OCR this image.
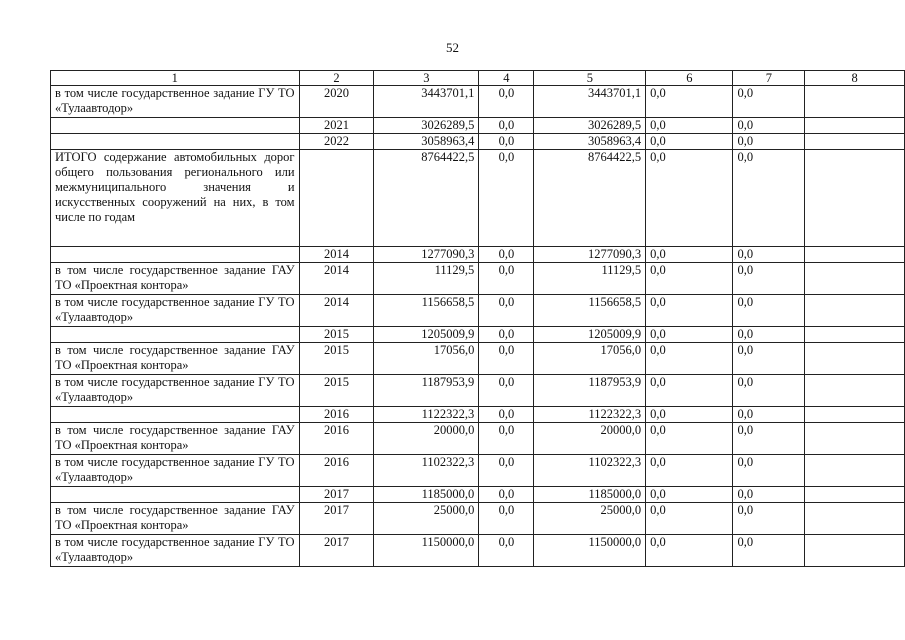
52
1	2	3	4	5	6	7	8
в том числе государственное задание ГУ ТО «Тулаавтодор»	2020	3443701,1	0,0	3443701,1	0,0	0,0	
	2021	3026289,5	0,0	3026289,5	0,0	0,0	
	2022	3058963,4	0,0	3058963,4	0,0	0,0	
ИТОГО содержание автомобильных дорог общего пользования регионального или межмуниципального значения и искусственных сооружений на них, в том числе по годам		8764422,5	0,0	8764422,5	0,0	0,0	
	2014	1277090,3	0,0	1277090,3	0,0	0,0	
в том числе государственное задание ГАУ ТО «Проектная контора»	2014	11129,5	0,0	11129,5	0,0	0,0	
в том числе государственное задание ГУ ТО «Тулаавтодор»	2014	1156658,5	0,0	1156658,5	0,0	0,0	
	2015	1205009,9	0,0	1205009,9	0,0	0,0	
в том числе государственное задание ГАУ ТО «Проектная контора»	2015	17056,0	0,0	17056,0	0,0	0,0	
в том числе государственное задание ГУ ТО «Тулаавтодор»	2015	1187953,9	0,0	1187953,9	0,0	0,0	
	2016	1122322,3	0,0	1122322,3	0,0	0,0	
в том числе государственное задание ГАУ ТО «Проектная контора»	2016	20000,0	0,0	20000,0	0,0	0,0	
в том числе государственное задание ГУ ТО «Тулаавтодор»	2016	1102322,3	0,0	1102322,3	0,0	0,0	
	2017	1185000,0	0,0	1185000,0	0,0	0,0	
в том числе государственное задание ГАУ ТО «Проектная контора»	2017	25000,0	0,0	25000,0	0,0	0,0	
в том числе государственное задание ГУ ТО «Тулаавтодор»	2017	1150000,0	0,0	1150000,0	0,0	0,0	
